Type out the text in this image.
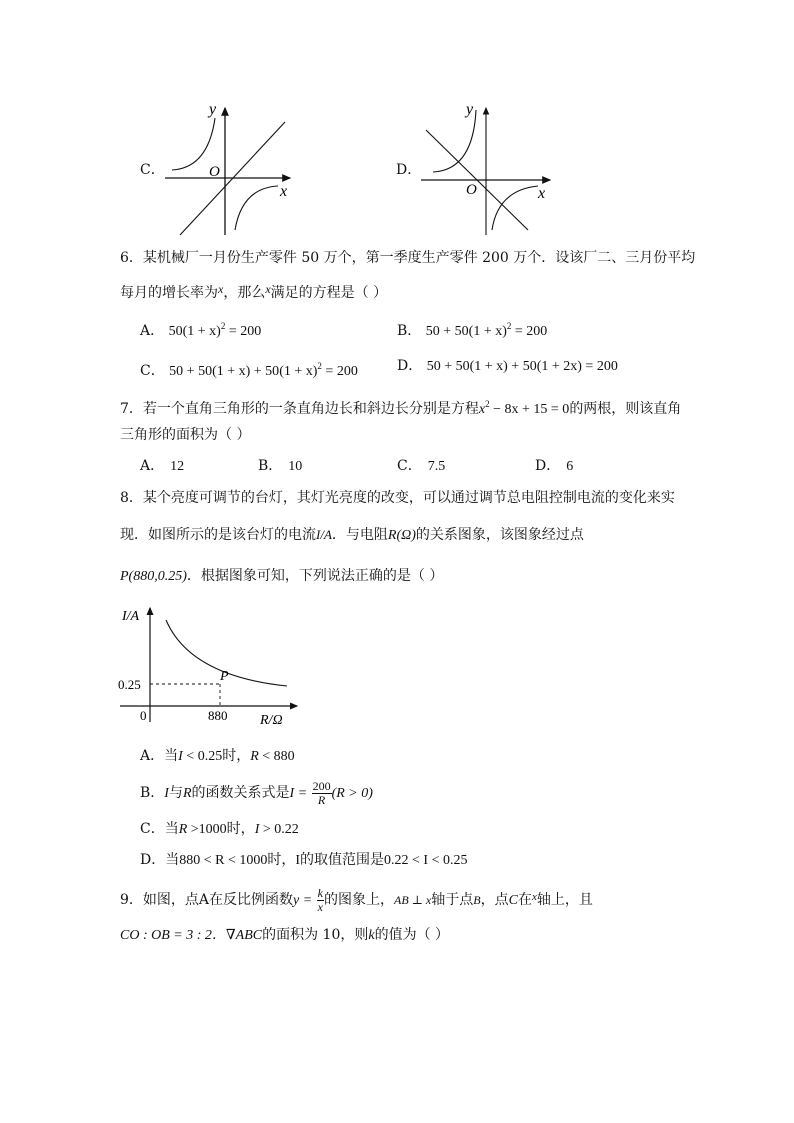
C．
y
x
O	D．
y
x
O
6．某机械厂一月份生产零件 50 万个，第一季度生产零件 200 万个．设该厂二、三月份平均
每月的增长率为x，那么x满足的方程是（ ）
A． $50(1 + x)^2 = 200$	B． $50 + 50(1 + x)^2 = 200$
C． $50 + 50(1 + x) + 50(1 + x)^2 = 200$	D． 50 + 50(1 + x) + 50(1 + 2x) = 200
7．若一个直角三角形的一条直角边长和斜边长分别是方程$x^2 - 8x + 15 = 0$的两根，则该直角
三角形的面积为（ ）
A． 12	B． 10	C． 7.5	D． 6
8．某个亮度可调节的台灯，其灯光亮度的改变，可以通过调节总电阻控制电流的变化来实
现．如图所示的是该台灯的电流I/A．与电阻R(Ω)的关系图象，该图象经过点
P(880,0.25)．根据图象可知，下列说法正确的是（ ）
I/A
R/Ω
0
0.25
880
P
A．当I < 0.25时，R < 880
B．I与R的函数关系式是$I = \frac{200}{R} (R > 0)$
C．当R >1000时，I > 0.22
D．当880 < R < 1000时，I的取值范围是0.22 < I < 0.25
9．如图，点A在反比例函数$y = \frac{k}{x}$ 的图象上，AB ⊥ x轴于点B，点C在$^x$轴上，且
CO : OB = 3 : 2．∇ABC的面积为 10，则k的值为（ ）
